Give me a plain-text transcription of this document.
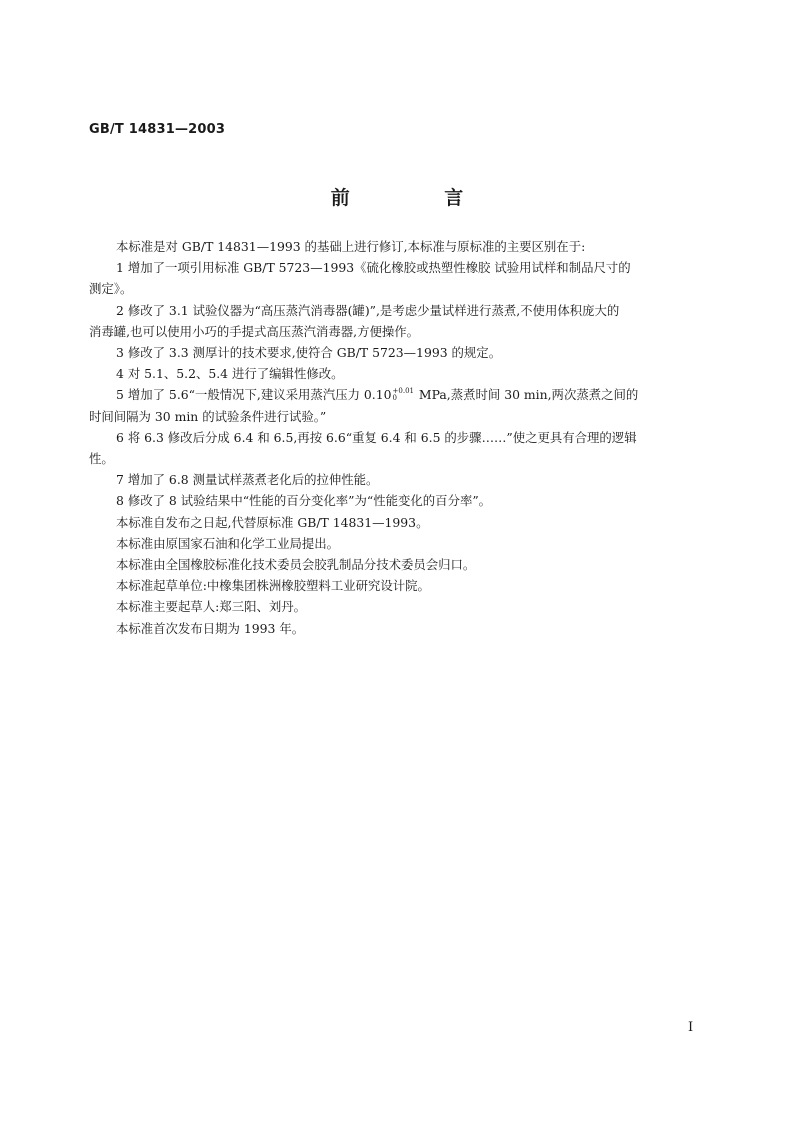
GB/T 14831—2003
前 言

本标准是对 GB/T 14831—1993 的基础上进行修订,本标准与原标准的主要区别在于:

1 增加了一项引用标准 GB/T 5723—1993《硫化橡胶或热塑性橡胶 试验用试样和制品尺寸的
测定》。

2 修改了 3.1 试验仪器为“高压蒸汽消毒器(罐)”,是考虑少量试样进行蒸煮,不使用体积庞大的
消毒罐,也可以使用小巧的手提式高压蒸汽消毒器,方便操作。

3 修改了 3.3 测厚计的技术要求,使符合 GB/T 5723—1993 的规定。

4 对 5.1、5.2、5.4 进行了编辑性修改。

5 增加了 5.6“一般情况下,建议采用蒸汽压力 0.10 +0.01
0	MPa,蒸煮时间 30 min,两次蒸煮之间的
时间间隔为 30 min 的试验条件进行试验。”

6 将 6.3 修改后分成 6.4 和 6.5,再按 6.6“重复 6.4 和 6.5 的步骤……”使之更具有合理的逻辑
性。

7 增加了 6.8 测量试样蒸煮老化后的拉伸性能。

8 修改了 8 试验结果中“性能的百分变化率”为“性能变化的百分率”。

本标准自发布之日起,代替原标准 GB/T 14831—1993。

本标准由原国家石油和化学工业局提出。

本标准由全国橡胶标准化技术委员会胶乳制品分技术委员会归口。

本标准起草单位:中橡集团株洲橡胶塑料工业研究设计院。

本标准主要起草人:郑三阳、刘丹。

本标准首次发布日期为 1993 年。

I
